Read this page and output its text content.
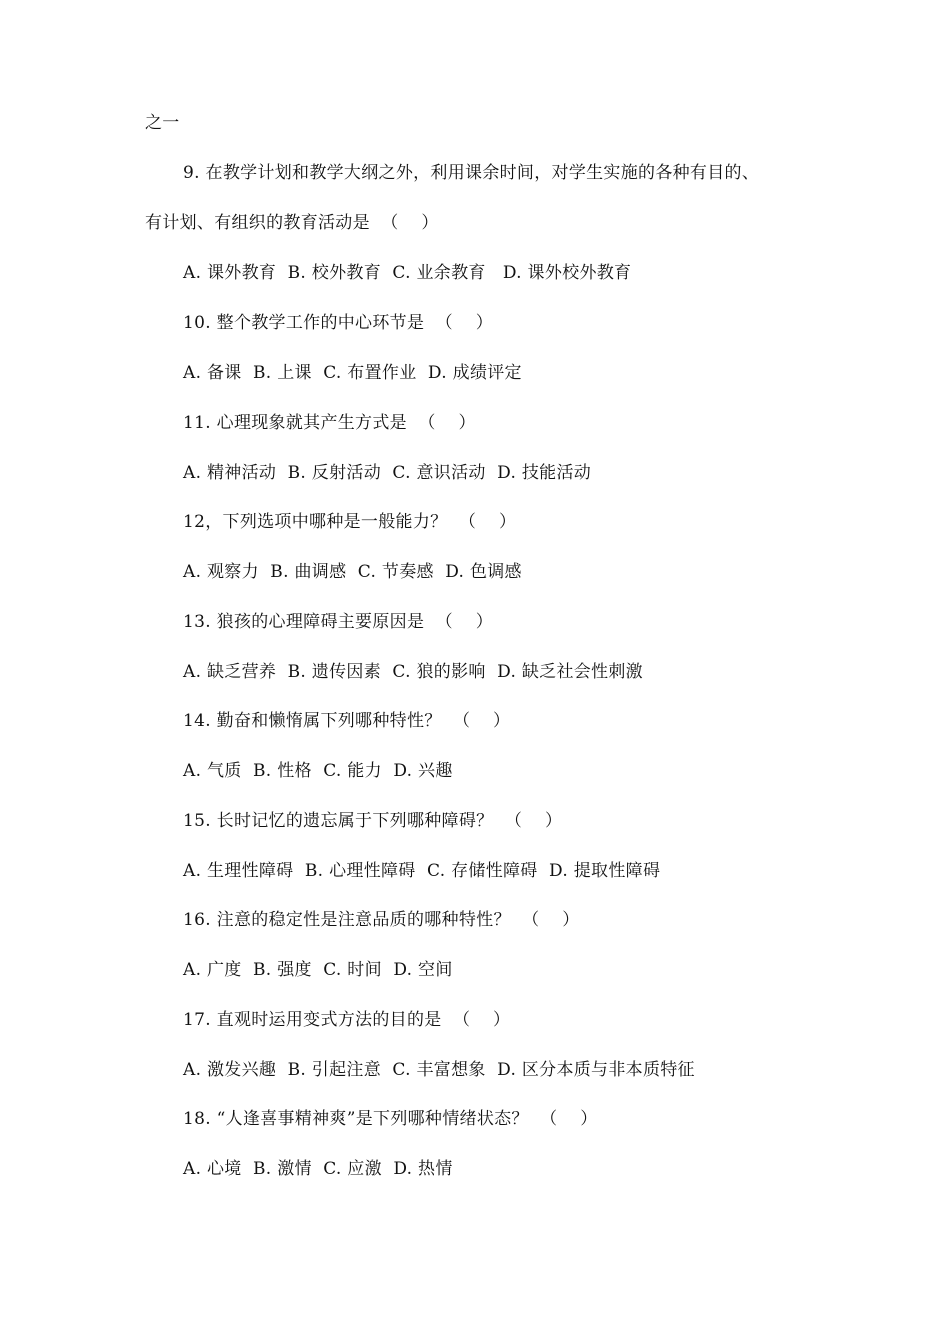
之一
9. 在教学计划和教学大纲之外，利用课余时间，对学生实施的各种有目的、
有计划、有组织的教育活动是  （    ）
A. 课外教育  B. 校外教育  C. 业余教育   D. 课外校外教育
10. 整个教学工作的中心环节是  （    ）
A. 备课  B. 上课  C. 布置作业  D. 成绩评定
11. 心理现象就其产生方式是  （    ）
A. 精神活动  B. 反射活动  C. 意识活动  D. 技能活动
12，下列选项中哪种是一般能力？  （    ）
A. 观察力  B. 曲调感  C. 节奏感  D. 色调感
13. 狼孩的心理障碍主要原因是  （    ）
A. 缺乏营养  B. 遗传因素  C. 狼的影响  D. 缺乏社会性刺激
14. 勤奋和懒惰属下列哪种特性？  （    ）
A. 气质  B. 性格  C. 能力  D. 兴趣
15. 长时记忆的遗忘属于下列哪种障碍？  （    ）
A. 生理性障碍  B. 心理性障碍  C. 存储性障碍  D. 提取性障碍
16. 注意的稳定性是注意品质的哪种特性？  （    ）
A. 广度  B. 强度  C. 时间  D. 空间
17. 直观时运用变式方法的目的是  （    ）
A. 激发兴趣  B. 引起注意  C. 丰富想象  D. 区分本质与非本质特征
18. “人逢喜事精神爽”是下列哪种情绪状态？  （    ）
A. 心境  B. 激情  C. 应激  D. 热情
